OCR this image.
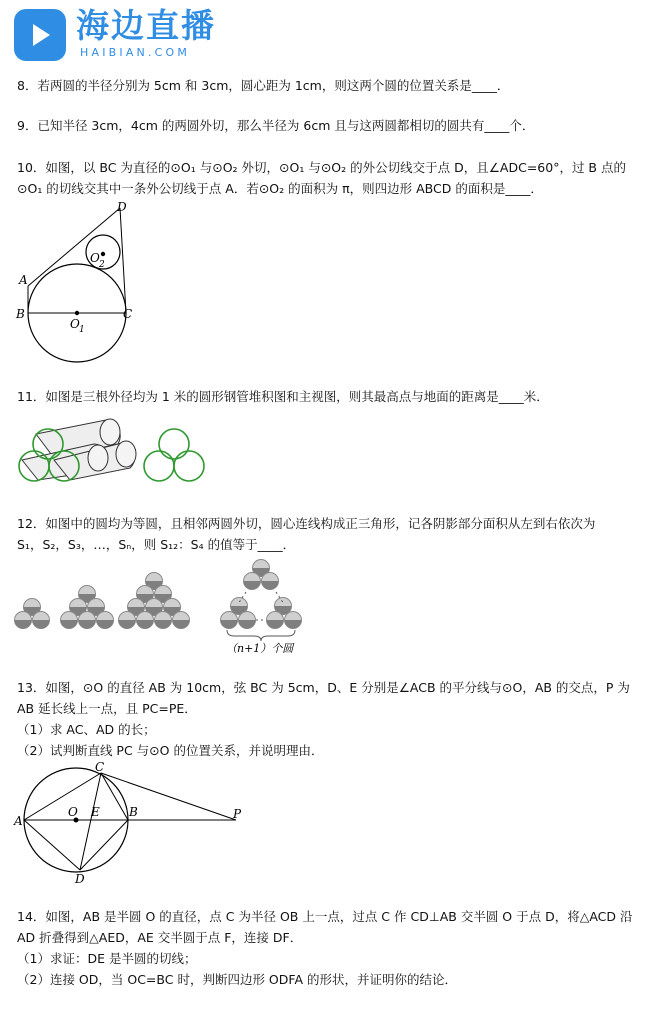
海边直播
HAIBIAN.COM
8．若两圆的半径分别为 5cm 和 3cm，圆心距为 1cm，则这两个圆的位置关系是____．
9．已知半径 3cm，4cm 的两圆外切，那么半径为 6cm 且与这两圆都相切的圆共有____个．
10．如图，以 BC 为直径的⊙O₁ 与⊙O₂ 外切，⊙O₁ 与⊙O₂ 的外公切线交于点 D，且∠ADC=60°，过 B 点的
⊙O₁ 的切线交其中一条外公切线于点 A．若⊙O₂ 的面积为 π，则四边形 ABCD 的面积是____．
D
A
B	C
O 1
O 2
11．如图是三根外径均为 1 米的圆形钢管堆积图和主视图，则其最高点与地面的距离是____米．
12．如图中的圆均为等圆，且相邻两圆外切，圆心连线构成正三角形，记各阴影部分面积从左到右依次为
S₁，S₂，S₃，…，Sₙ，则 S₁₂：S₄ 的值等于____．
（n+1）个圆
13．如图，⊙O 的直径 AB 为 10cm，弦 BC 为 5cm，D、E 分别是∠ACB 的平分线与⊙O，AB 的交点，P 为
AB 延长线上一点，且 PC=PE．
（1）求 AC、AD 的长；
（2）试判断直线 PC 与⊙O 的位置关系，并说明理由．
C
A
O E B	P
D
14．如图，AB 是半圆 O 的直径，点 C 为半径 OB 上一点，过点 C 作 CD⊥AB 交半圆 O 于点 D，将△ACD 沿
AD 折叠得到△AED，AE 交半圆于点 F，连接 DF．
（1）求证：DE 是半圆的切线；
（2）连接 OD，当 OC=BC 时，判断四边形 ODFA 的形状，并证明你的结论．
